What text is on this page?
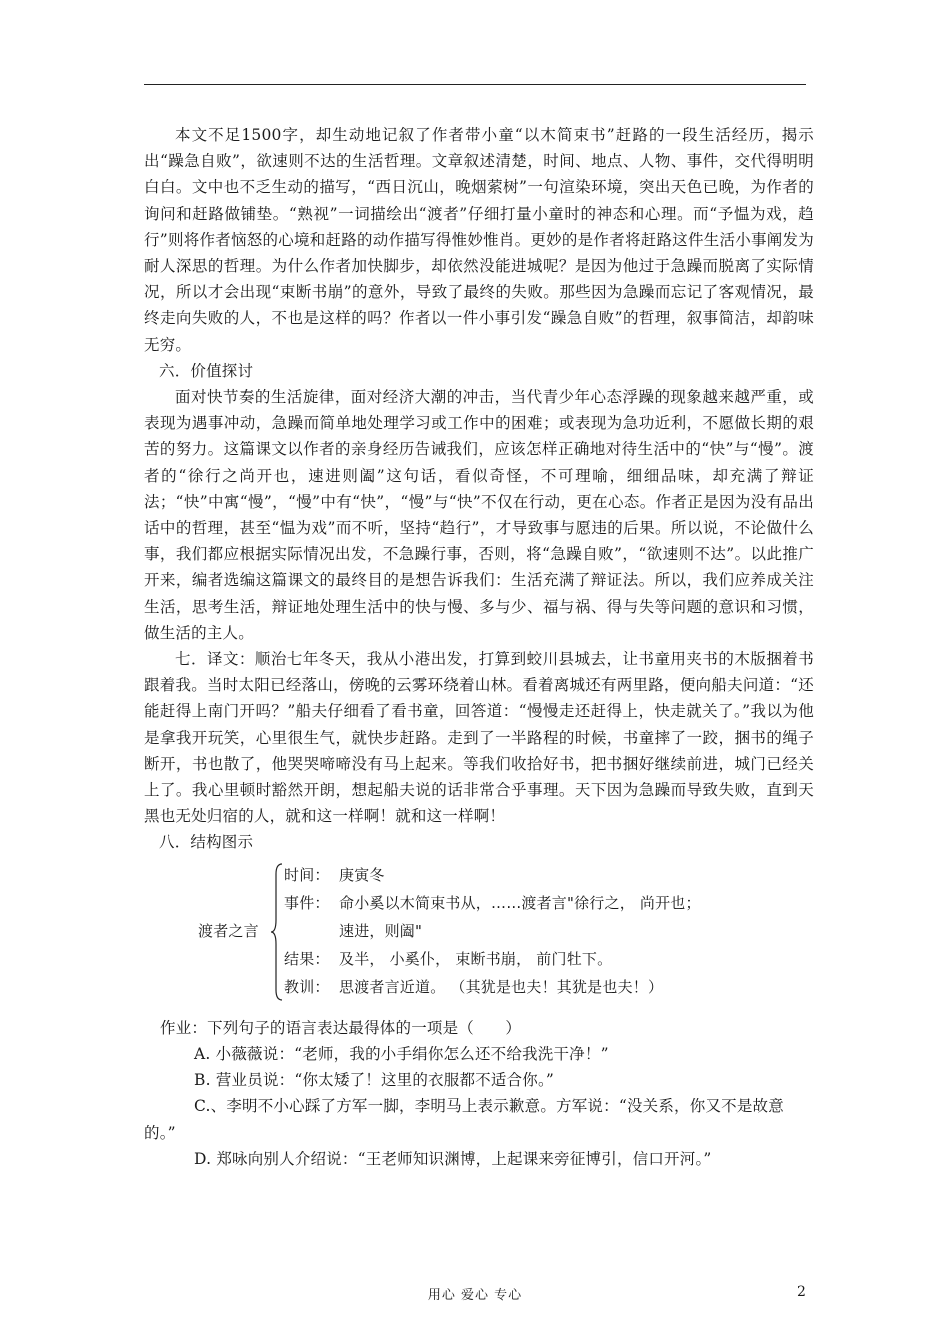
本文不足1500字，却生动地记叙了作者带小童“以木简束书”赶路的一段生活经历，揭示出“躁急自败”，欲速则不达的生活哲理。文章叙述清楚，时间、地点、人物、事件，交代得明明白白。文中也不乏生动的描写，“西日沉山，晚烟萦树”一句渲染环境，突出天色已晚，为作者的询问和赶路做铺垫。“熟视”一词描绘出“渡者”仔细打量小童时的神态和心理。而“予愠为戏，趋行”则将作者恼怒的心境和赶路的动作描写得惟妙惟肖。更妙的是作者将赶路这件生活小事阐发为耐人深思的哲理。为什么作者加快脚步，却依然没能进城呢？是因为他过于急躁而脱离了实际情况，所以才会出现“束断书崩”的意外，导致了最终的失败。那些因为急躁而忘记了客观情况，最终走向失败的人，不也是这样的吗？作者以一件小事引发“躁急自败”的哲理，叙事简洁，却韵味无穷。

六．价值探讨

面对快节奏的生活旋律，面对经济大潮的冲击，当代青少年心态浮躁的现象越来越严重，或表现为遇事冲动，急躁而简单地处理学习或工作中的困难；或表现为急功近利，不愿做长期的艰苦的努力。这篇课文以作者的亲身经历告诫我们，应该怎样正确地对待生活中的“快”与“慢”。渡者的“徐行之尚开也，速进则阖”这句话，看似奇怪，不可理喻，细细品味，却充满了辩证法；“快”中寓“慢”，“慢”中有“快”，“慢”与“快”不仅在行动，更在心态。作者正是因为没有品出话中的哲理，甚至“愠为戏”而不听，坚持“趋行”，才导致事与愿违的后果。所以说，不论做什么事，我们都应根据实际情况出发，不急躁行事，否则，将“急躁自败”，“欲速则不达”。以此推广开来，编者选编这篇课文的最终目的是想告诉我们：生活充满了辩证法。所以，我们应养成关注生活，思考生活，辩证地处理生活中的快与慢、多与少、福与祸、得与失等问题的意识和习惯，做生活的主人。

七．译文：顺治七年冬天，我从小港出发，打算到蛟川县城去，让书童用夹书的木版捆着书跟着我。当时太阳已经落山，傍晚的云雾环绕着山林。看着离城还有两里路，便向船夫问道：“还能赶得上南门开吗？”船夫仔细看了看书童，回答道：“慢慢走还赶得上，快走就关了。”我以为他是拿我开玩笑，心里很生气，就快步赶路。走到了一半路程的时候，书童摔了一跤，捆书的绳子断开，书也散了，他哭哭啼啼没有马上起来。等我们收拾好书，把书捆好继续前进，城门已经关上了。我心里顿时豁然开朗，想起船夫说的话非常合乎事理。天下因为急躁而导致失败，直到天黑也无处归宿的人，就和这一样啊！就和这一样啊！

八．结构图示

渡者之言
时间： 庚寅冬
事件： 命小奚以木简束书从，……渡者言"徐行之， 尚开也；
速进，则阖"
结果： 及半， 小奚仆， 束断书崩， 前门牡下。
教训： 思渡者言近道。 （其犹是也夫！其犹是也夫！）

作业：下列句子的语言表达最得体的一项是（　　）

A. 小薇薇说：“老师，我的小手绢你怎么还不给我洗干净！”

B. 营业员说：“你太矮了！这里的衣服都不适合你。”

C.、李明不小心踩了方军一脚，李明马上表示歉意。方军说：“没关系，你又不是故意

的。”

D. 郑咏向别人介绍说：“王老师知识渊博，上起课来旁征博引，信口开河。”

用心 爱心 专心	2
